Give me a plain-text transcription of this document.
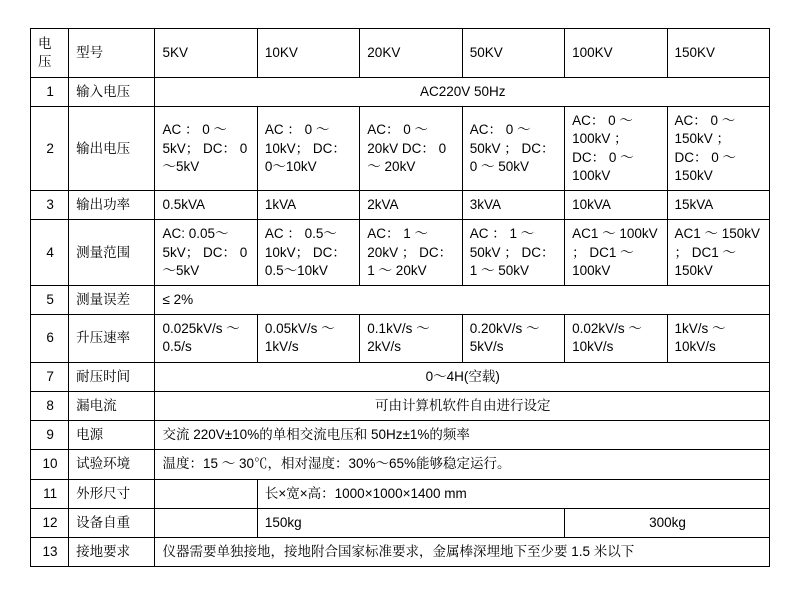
电压	型号	5KV	10KV	20KV	50KV	100KV	150KV
1	输入电压	AC220V 50Hz					
2	输出电压	AC ： 0 ～ 5kV； DC： 0～5kV	AC ： 0 ～ 10kV； DC： 0～10kV	AC： 0 ～ 20kV DC： 0 ～ 20kV	AC： 0 ～ 50kV ； DC： 0 ～ 50kV	AC： 0 ～ 100kV ； DC： 0 ～ 100kV	AC： 0 ～ 150kV ； DC： 0 ～ 150kV
3	输出功率	0.5kVA	1kVA	2kVA	3kVA	10kVA	15kVA
4	测量范围	AC: 0.05～5kV； DC： 0～5kV	AC ： 0.5～ 10kV； DC： 0.5～10kV	AC： 1 ～ 20kV ； DC： 1 ～ 20kV	AC ： 1 ～ 50kV ； DC： 1 ～ 50kV	AC1 ～ 100kV ； DC1 ～ 100kV	AC1 ～ 150kV ； DC1 ～ 150kV
5	测量误差	≤ 2%					
6	升压速率	0.025kV/s ～0.5/s	0.05kV/s ～ 1kV/s	0.1kV/s ～ 2kV/s	0.20kV/s ～ 5kV/s	0.02kV/s ～ 10kV/s	1kV/s ～ 10kV/s
7	耐压时间	0～4H(空载)					
8	漏电流	可由计算机软件自由进行设定					
9	电源	交流 220V±10%的单相交流电压和 50Hz±1%的频率					
10	试验环境	温度：15 ～ 30℃，相对湿度：30%～65%能够稳定运行。					
11	外形尺寸		长×宽×高：1000×1000×1400 mm				
12	设备自重		150kg			300kg	
13	接地要求	仪器需要单独接地，接地附合国家标准要求，金属棒深埋地下至少要 1.5 米以下					
